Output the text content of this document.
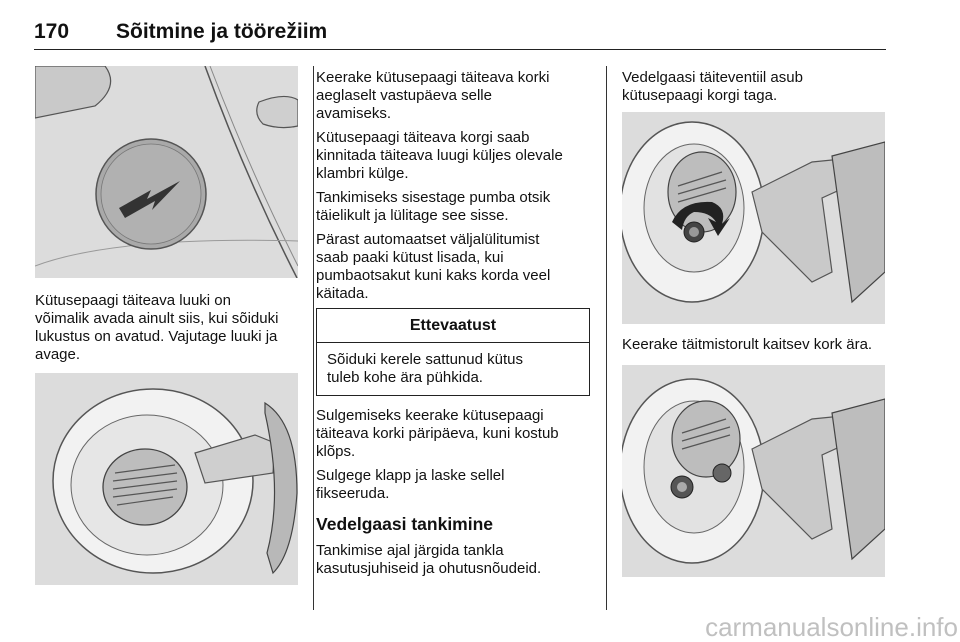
170 Sõitmine ja töörežiim

Kütusepaagi täiteava luuki on
võimalik avada ainult siis, kui sõiduki
lukustus on avatud. Vajutage luuki ja
avage.

Keerake kütusepaagi täiteava korki
aeglaselt vastupäeva selle
avamiseks.

Kütusepaagi täiteava korgi saab
kinnitada täiteava luugi küljes olevale
klambri külge.

Tankimiseks sisestage pumba otsik
täielikult ja lülitage see sisse.

Pärast automaatset väljalülitumist
saab paaki kütust lisada, kui
pumbaotsakut kuni kaks korda veel
käitada.

Ettevaatust

Sõiduki kerele sattunud kütus
tuleb kohe ära pühkida.

Sulgemiseks keerake kütusepaagi
täiteava korki päripäeva, kuni kostub
klõps.

Sulgege klapp ja laske sellel
fikseeruda.

Vedelgaasi tankimine

Tankimise ajal järgida tankla
kasutusjuhiseid ja ohutusnõudeid.

Vedelgaasi täiteventiil asub
kütusepaagi korgi taga.

Keerake täitmistorult kaitsev kork ära.

carmanualsonline.info
